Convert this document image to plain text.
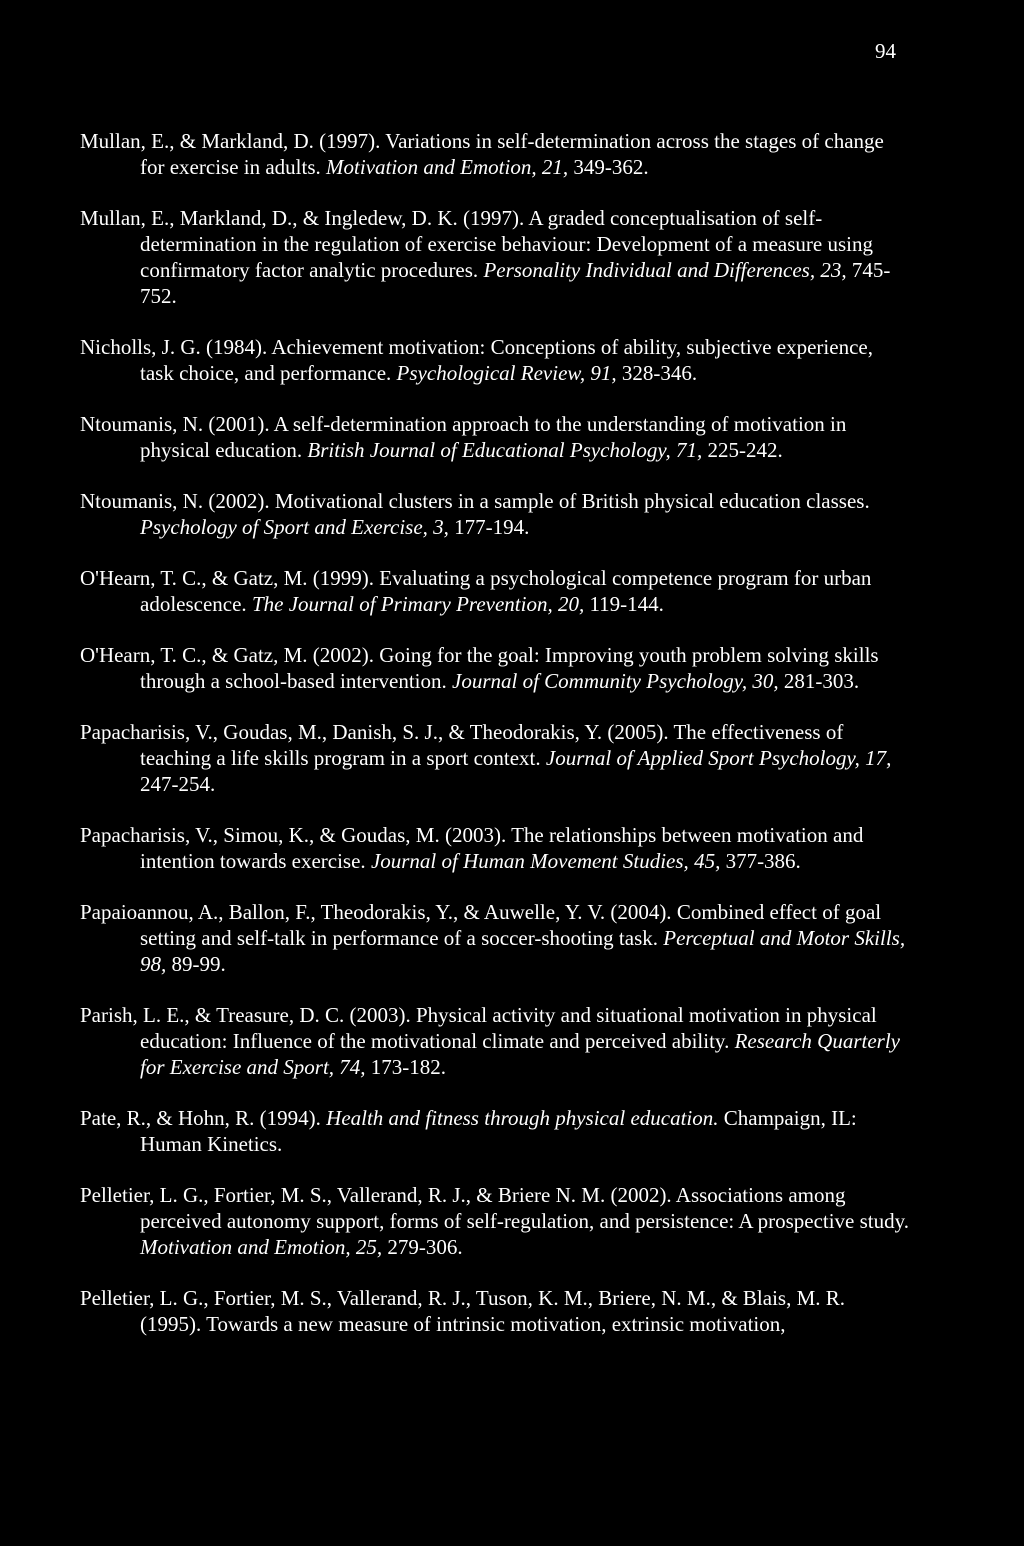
94

Mullan, E., & Markland, D. (1997). Variations in self-determination across the stages of change for exercise in adults. Motivation and Emotion, 21, 349-362.

Mullan, E., Markland, D., & Ingledew, D. K. (1997). A graded conceptualisation of self-determination in the regulation of exercise behaviour: Development of a measure using confirmatory factor analytic procedures. Personality Individual and Differences, 23, 745-752.

Nicholls, J. G. (1984). Achievement motivation: Conceptions of ability, subjective experience, task choice, and performance. Psychological Review, 91, 328-346.

Ntoumanis, N. (2001). A self-determination approach to the understanding of motivation in physical education. British Journal of Educational Psychology, 71, 225-242.

Ntoumanis, N. (2002). Motivational clusters in a sample of British physical education classes. Psychology of Sport and Exercise, 3, 177-194.

O'Hearn, T. C., & Gatz, M. (1999). Evaluating a psychological competence program for urban adolescence. The Journal of Primary Prevention, 20, 119-144.

O'Hearn, T. C., & Gatz, M. (2002). Going for the goal: Improving youth problem solving skills through a school-based intervention. Journal of Community Psychology, 30, 281-303.

Papacharisis, V., Goudas, M., Danish, S. J., & Theodorakis, Y. (2005). The effectiveness of teaching a life skills program in a sport context. Journal of Applied Sport Psychology, 17, 247-254.

Papacharisis, V., Simou, K., & Goudas, M. (2003). The relationships between motivation and intention towards exercise. Journal of Human Movement Studies, 45, 377-386.

Papaioannou, A., Ballon, F., Theodorakis, Y., & Auwelle, Y. V. (2004). Combined effect of goal setting and self-talk in performance of a soccer-shooting task. Perceptual and Motor Skills, 98, 89-99.

Parish, L. E., & Treasure, D. C. (2003). Physical activity and situational motivation in physical education: Influence of the motivational climate and perceived ability. Research Quarterly for Exercise and Sport, 74, 173-182.

Pate, R., & Hohn, R. (1994). Health and fitness through physical education. Champaign, IL: Human Kinetics.

Pelletier, L. G., Fortier, M. S., Vallerand, R. J., & Briere N. M. (2002). Associations among perceived autonomy support, forms of self-regulation, and persistence: A prospective study. Motivation and Emotion, 25, 279-306.

Pelletier, L. G., Fortier, M. S., Vallerand, R. J., Tuson, K. M., Briere, N. M., & Blais, M. R. (1995). Towards a new measure of intrinsic motivation, extrinsic motivation,
